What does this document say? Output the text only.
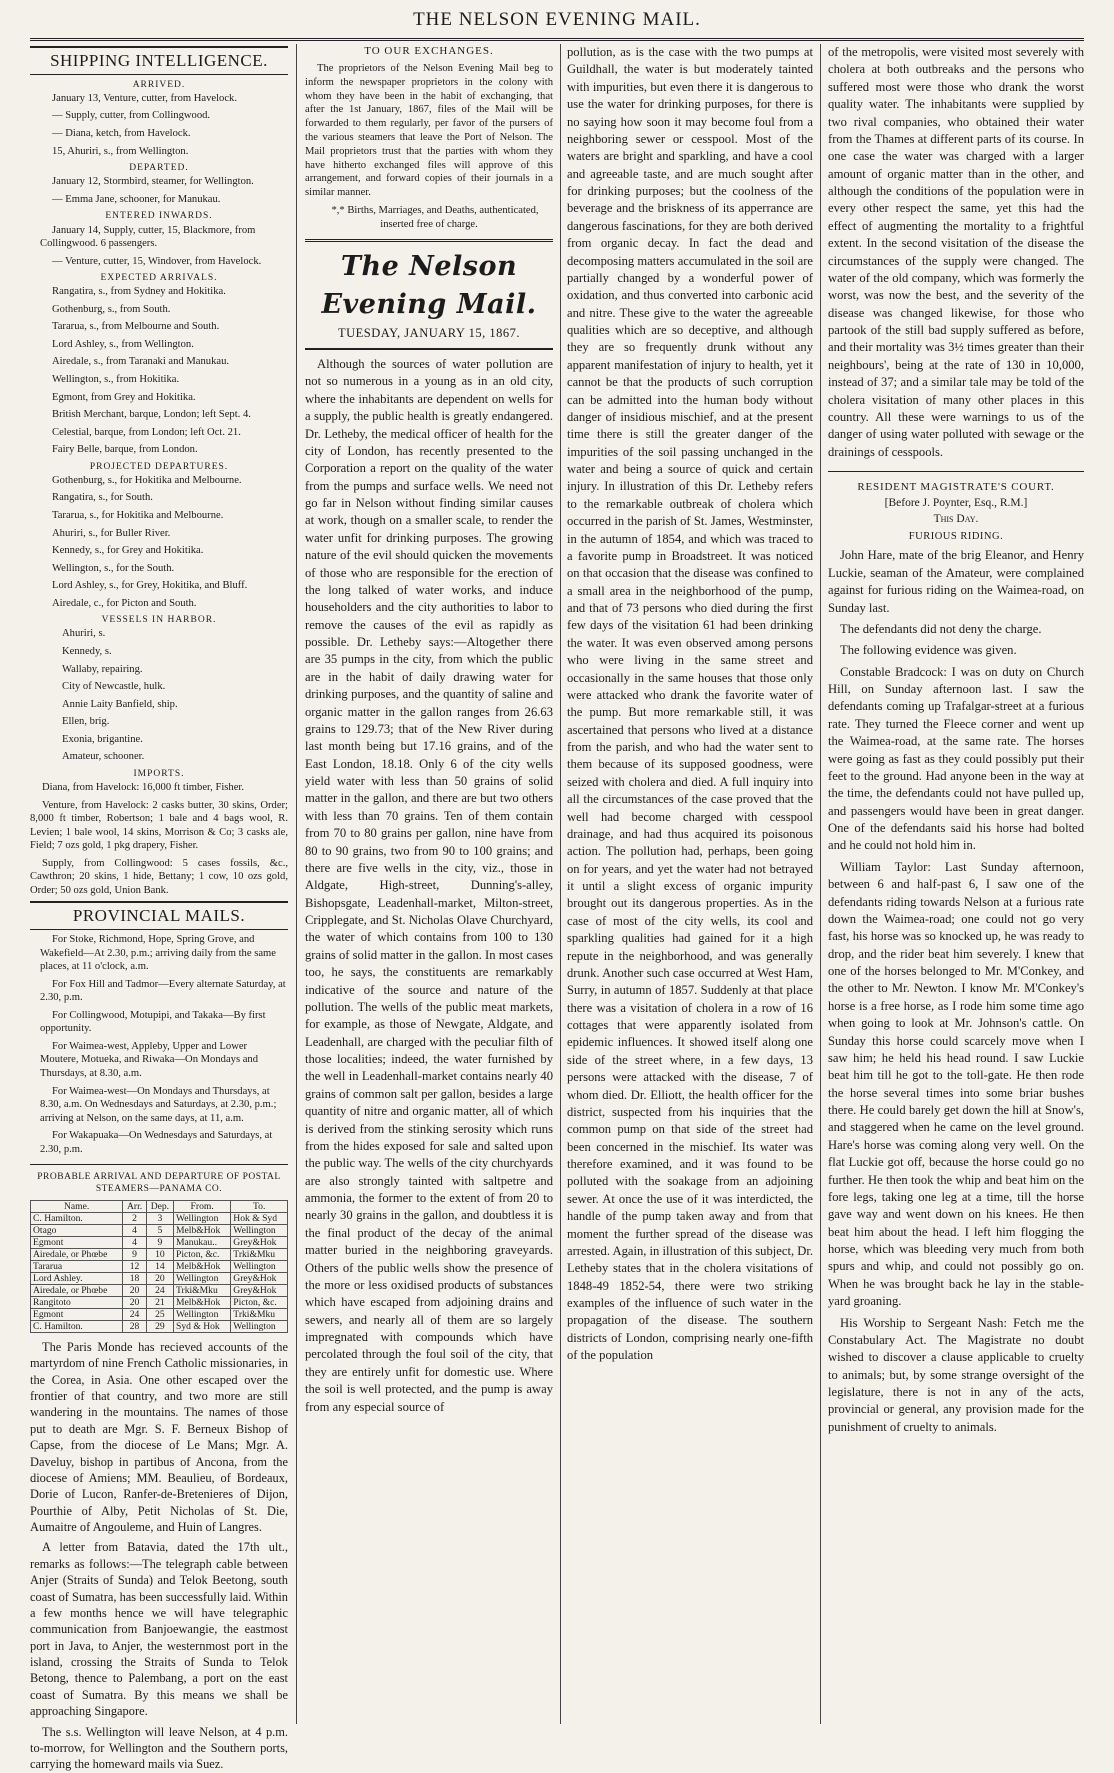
THE NELSON EVENING MAIL.
SHIPPING INTELLIGENCE.
ARRIVED.

January 13, Venture, cutter, from Havelock.

— Supply, cutter, from Collingwood.

— Diana, ketch, from Havelock.

15, Ahuriri, s., from Wellington.

DEPARTED.

January 12, Stormbird, steamer, for Wellington.

— Emma Jane, schooner, for Manukau.

ENTERED INWARDS.

January 14, Supply, cutter, 15, Blackmore, from Collingwood. 6 passengers.

— Venture, cutter, 15, Windover, from Havelock.

EXPECTED ARRIVALS.

Rangatira, s., from Sydney and Hokitika.

Gothenburg, s., from South.

Tararua, s., from Melbourne and South.

Lord Ashley, s., from Wellington.

Airedale, s., from Taranaki and Manukau.

Wellington, s., from Hokitika.

Egmont, from Grey and Hokitika.

British Merchant, barque, London; left Sept. 4.

Celestial, barque, from London; left Oct. 21.

Fairy Belle, barque, from London.

PROJECTED DEPARTURES.

Gothenburg, s., for Hokitika and Melbourne.

Rangatira, s., for South.

Tararua, s., for Hokitika and Melbourne.

Ahuriri, s., for Buller River.

Kennedy, s., for Grey and Hokitika.

Wellington, s., for the South.

Lord Ashley, s., for Grey, Hokitika, and Bluff.

Airedale, c., for Picton and South.

VESSELS IN HARBOR.

Ahuriri, s.

Kennedy, s.

Wallaby, repairing.

City of Newcastle, hulk.

Annie Laity Banfield, ship.

Ellen, brig.

Exonia, brigantine.

Amateur, schooner.

IMPORTS.

Diana, from Havelock: 16,000 ft timber, Fisher.

Venture, from Havelock: 2 casks butter, 30 skins, Order; 8,000 ft timber, Robertson; 1 bale and 4 bags wool, R. Levien; 1 bale wool, 14 skins, Morrison & Co; 3 casks ale, Field; 7 ozs gold, 1 pkg drapery, Fisher.

Supply, from Collingwood: 5 cases fossils, &c., Cawthron; 20 skins, 1 hide, Bettany; 1 cow, 10 ozs gold, Order; 50 ozs gold, Union Bank.

PROVINCIAL MAILS.

For Stoke, Richmond, Hope, Spring Grove, and Wakefield—At 2.30, p.m.; arriving daily from the same places, at 11 o'clock, a.m.

For Fox Hill and Tadmor—Every alternate Saturday, at 2.30, p.m.

For Collingwood, Motupipi, and Takaka—By first opportunity.

For Waimea-west, Appleby, Upper and Lower Moutere, Motueka, and Riwaka—On Mondays and Thursdays, at 8.30, a.m.

For Waimea-west—On Mondays and Thursdays, at 8.30, a.m. On Wednesdays and Saturdays, at 2.30, p.m.; arriving at Nelson, on the same days, at 11, a.m.

For Wakapuaka—On Wednesdays and Saturdays, at 2.30, p.m.

PROBABLE ARRIVAL AND DEPARTURE OF POSTAL STEAMERS—PANAMA CO.
Name.	Arr.	Dep.	From.	To.
C. Hamilton.	2	3	Wellington	Hok & Syd
Otago	4	5	Melb&Hok	Wellington
Egmont	4	9	Manukau..	Grey&Hok
Airedale, or Phœbe	9	10	Picton, &c.	Trki&Mku
Tararua	12	14	Melb&Hok	Wellington
Lord Ashley.	18	20	Wellington	Grey&Hok
Airedale, or Phœbe	20	24	Trki&Mku	Grey&Hok
Rangitoto	20	21	Melb&Hok	Picton, &c.
Egmont	24	25	Wellington	Trki&Mku
C. Hamilton.	28	29	Syd & Hok	Wellington

The Paris Monde has recieved accounts of the martyrdom of nine French Catholic missionaries, in the Corea, in Asia. One other escaped over the frontier of that country, and two more are still wandering in the mountains. The names of those put to death are Mgr. S. F. Berneux Bishop of Capse, from the diocese of Le Mans; Mgr. A. Daveluy, bishop in partibus of Ancona, from the diocese of Amiens; MM. Beaulieu, of Bordeaux, Dorie of Lucon, Ranfer-de-Bretenieres of Dijon, Pourthie of Alby, Petit Nicholas of St. Die, Aumaitre of Angouleme, and Huin of Langres.

A letter from Batavia, dated the 17th ult., remarks as follows:—The telegraph cable between Anjer (Straits of Sunda) and Telok Beetong, south coast of Sumatra, has been successfully laid. Within a few months hence we will have telegraphic communication from Banjoewangie, the eastmost port in Java, to Anjer, the westernmost port in the island, crossing the Straits of Sunda to Telok Betong, thence to Palembang, a port on the east coast of Sumatra. By this means we shall be approaching Singapore.

The s.s. Wellington will leave Nelson, at 4 p.m. to-morrow, for Wellington and the Southern ports, carrying the homeward mails via Suez.

TO OUR EXCHANGES.

The proprietors of the Nelson Evening Mail beg to inform the newspaper proprietors in the colony with whom they have been in the habit of exchanging, that after the 1st January, 1867, files of the Mail will be forwarded to them regularly, per favor of the pursers of the various steamers that leave the Port of Nelson. The Mail proprietors trust that the parties with whom they have hitherto exchanged files will approve of this arrangement, and forward copies of their journals in a similar manner.

*,* Births, Marriages, and Deaths, authenticated, inserted free of charge.

The Nelson Evening Mail.
TUESDAY, JANUARY 15, 1867.

Although the sources of water pollution are not so numerous in a young as in an old city, where the inhabitants are dependent on wells for a supply, the public health is greatly endangered. Dr. Letheby, the medical officer of health for the city of London, has recently presented to the Corporation a report on the quality of the water from the pumps and surface wells. We need not go far in Nelson without finding similar causes at work, though on a smaller scale, to render the water unfit for drinking purposes. The growing nature of the evil should quicken the movements of those who are responsible for the erection of the long talked of water works, and induce householders and the city authorities to labor to remove the causes of the evil as rapidly as possible. Dr. Letheby says:—Altogether there are 35 pumps in the city, from which the public are in the habit of daily drawing water for drinking purposes, and the quantity of saline and organic matter in the gallon ranges from 26.63 grains to 129.73; that of the New River during last month being but 17.16 grains, and of the East London, 18.18. Only 6 of the city wells yield water with less than 50 grains of solid matter in the gallon, and there are but two others with less than 70 grains. Ten of them contain from 70 to 80 grains per gallon, nine have from 80 to 90 grains, two from 90 to 100 grains; and there are five wells in the city, viz., those in Aldgate, High-street, Dunning's-alley, Bishopsgate, Leadenhall-market, Milton-street, Cripplegate, and St. Nicholas Olave Churchyard, the water of which contains from 100 to 130 grains of solid matter in the gallon. In most cases too, he says, the constituents are remarkably indicative of the source and nature of the pollution. The wells of the public meat markets, for example, as those of Newgate, Aldgate, and Leadenhall, are charged with the peculiar filth of those localities; indeed, the water furnished by the well in Leadenhall-market contains nearly 40 grains of common salt per gallon, besides a large quantity of nitre and organic matter, all of which is derived from the stinking serosity which runs from the hides exposed for sale and salted upon the public way. The wells of the city churchyards are also strongly tainted with saltpetre and ammonia, the former to the extent of from 20 to nearly 30 grains in the gallon, and doubtless it is the final product of the decay of the animal matter buried in the neighboring graveyards. Others of the public wells show the presence of the more or less oxidised products of substances which have escaped from adjoining drains and sewers, and nearly all of them are so largely impregnated with compounds which have percolated through the foul soil of the city, that they are entirely unfit for domestic use. Where the soil is well protected, and the pump is away from any especial source of

pollution, as is the case with the two pumps at Guildhall, the water is but moderately tainted with impurities, but even there it is dangerous to use the water for drinking purposes, for there is no saying how soon it may become foul from a neighboring sewer or cesspool. Most of the waters are bright and sparkling, and have a cool and agreeable taste, and are much sought after for drinking purposes; but the coolness of the beverage and the briskness of its apperrance are dangerous fascinations, for they are both derived from organic decay. In fact the dead and decomposing matters accumulated in the soil are partially changed by a wonderful power of oxidation, and thus converted into carbonic acid and nitre. These give to the water the agreeable qualities which are so deceptive, and although they are so frequently drunk without any apparent manifestation of injury to health, yet it cannot be that the products of such corruption can be admitted into the human body without danger of insidious mischief, and at the present time there is still the greater danger of the impurities of the soil passing unchanged in the water and being a source of quick and certain injury. In illustration of this Dr. Letheby refers to the remarkable outbreak of cholera which occurred in the parish of St. James, Westminster, in the autumn of 1854, and which was traced to a favorite pump in Broadstreet. It was noticed on that occasion that the disease was confined to a small area in the neighborhood of the pump, and that of 73 persons who died during the first few days of the visitation 61 had been drinking the water. It was even observed among persons who were living in the same street and occasionally in the same houses that those only were attacked who drank the favorite water of the pump. But more remarkable still, it was ascertained that persons who lived at a distance from the parish, and who had the water sent to them because of its supposed goodness, were seized with cholera and died. A full inquiry into all the circumstances of the case proved that the well had become charged with cesspool drainage, and had thus acquired its poisonous action. The pollution had, perhaps, been going on for years, and yet the water had not betrayed it until a slight excess of organic impurity brought out its dangerous properties. As in the case of most of the city wells, its cool and sparkling qualities had gained for it a high repute in the neighborhood, and was generally drunk. Another such case occurred at West Ham, Surry, in autumn of 1857. Suddenly at that place there was a visitation of cholera in a row of 16 cottages that were apparently isolated from epidemic influences. It showed itself along one side of the street where, in a few days, 13 persons were attacked with the disease, 7 of whom died. Dr. Elliott, the health officer for the district, suspected from his inquiries that the common pump on that side of the street had been concerned in the mischief. Its water was therefore examined, and it was found to be polluted with the soakage from an adjoining sewer. At once the use of it was interdicted, the handle of the pump taken away and from that moment the further spread of the disease was arrested. Again, in illustration of this subject, Dr. Letheby states that in the cholera visitations of 1848-49 1852-54, there were two striking examples of the influence of such water in the propagation of the disease. The southern districts of London, comprising nearly one-fifth of the population

of the metropolis, were visited most severely with cholera at both outbreaks and the persons who suffered most were those who drank the worst quality water. The inhabitants were supplied by two rival companies, who obtained their water from the Thames at different parts of its course. In one case the water was charged with a larger amount of organic matter than in the other, and although the conditions of the population were in every other respect the same, yet this had the effect of augmenting the mortality to a frightful extent. In the second visitation of the disease the circumstances of the supply were changed. The water of the old company, which was formerly the worst, was now the best, and the severity of the disease was changed likewise, for those who partook of the still bad supply suffered as before, and their mortality was 3½ times greater than their neighbours', being at the rate of 130 in 10,000, instead of 37; and a similar tale may be told of the cholera visitation of many other places in this country. All these were warnings to us of the danger of using water polluted with sewage or the drainings of cesspools.

RESIDENT MAGISTRATE'S COURT.
[Before J. Poynter, Esq., R.M.]
This Day.
FURIOUS RIDING.

John Hare, mate of the brig Eleanor, and Henry Luckie, seaman of the Amateur, were complained against for furious riding on the Waimea-road, on Sunday last.

The defendants did not deny the charge.

The following evidence was given.

Constable Bradcock: I was on duty on Church Hill, on Sunday afternoon last. I saw the defendants coming up Trafalgar-street at a furious rate. They turned the Fleece corner and went up the Waimea-road, at the same rate. The horses were going as fast as they could possibly put their feet to the ground. Had anyone been in the way at the time, the defendants could not have pulled up, and passengers would have been in great danger. One of the defendants said his horse had bolted and he could not hold him in.

William Taylor: Last Sunday afternoon, between 6 and half-past 6, I saw one of the defendants riding towards Nelson at a furious rate down the Waimea-road; one could not go very fast, his horse was so knocked up, he was ready to drop, and the rider beat him severely. I knew that one of the horses belonged to Mr. M'Conkey, and the other to Mr. Newton. I know Mr. M'Conkey's horse is a free horse, as I rode him some time ago when going to look at Mr. Johnson's cattle. On Sunday this horse could scarcely move when I saw him; he held his head round. I saw Luckie beat him till he got to the toll-gate. He then rode the horse several times into some briar bushes there. He could barely get down the hill at Snow's, and staggered when he came on the level ground. Hare's horse was coming along very well. On the flat Luckie got off, because the horse could go no further. He then took the whip and beat him on the fore legs, taking one leg at a time, till the horse gave way and went down on his knees. He then beat him about the head. I left him flogging the horse, which was bleeding very much from both spurs and whip, and could not possibly go on. When he was brought back he lay in the stable-yard groaning.

His Worship to Sergeant Nash: Fetch me the Constabulary Act. The Magistrate no doubt wished to discover a clause applicable to cruelty to animals; but, by some strange oversight of the legislature, there is not in any of the acts, provincial or general, any provision made for the punishment of cruelty to animals.
